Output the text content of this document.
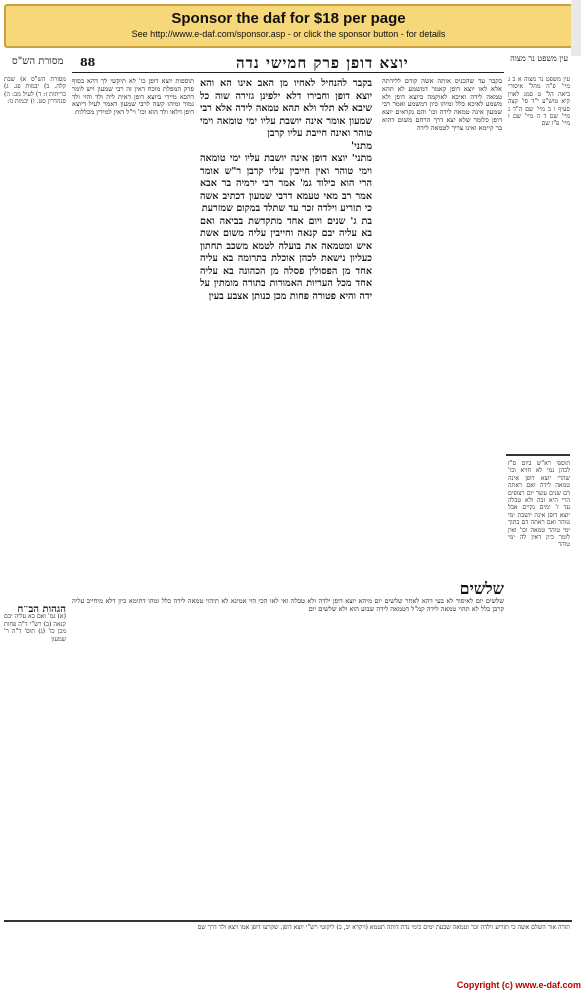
Sponsor the daf for $18 per page
See http://www.e-daf.com/sponsor.asp - or click the sponsor button - for details
מסורת הש"ס 88	יוצא דופן פרק חמישי נדה	עין משפט נר מצוה
עין משפט נר מצוה א ב ג מיי' פ"ה מהל' איסורי ביאה הל' ט סמג לאוין קיא טוש"ע י"ד סי' קצה סעיף ו ב מיי' שם ה"ד ג מיי' שם ד ה מיי' שם ו מיי' פ"ו שם
תוספי רא"ש ביום ס"ז לכהן נמי לא חזיא וכו' שהרי יוצא דופן אינה טמאה לידה ואם ראתה דם שנים עשר יום רצופים הרי היא זבה ולא טבלה עד ז' ימים נקיים אבל יוצא דופן אינה יושבת ימי טוהר ואם ראתה דם בתוך ימי טוהר טמאה וכו' ואין לומר כיון דאין לה ימי טוהר
בקבר עד שהכניס אותה אשה קודם ללידתה אלא לאו יוצא דופן קאמר דמשמע לא תהא טמאה לידה ואיכא לאוקמה ביוצא דופן ולא משמע לאיכא כלל ומיהו כיון דמשמע ואמר רבי שמעון אינה טמאה לידה וכו' והם נקראים יוצא דופן כלומר שלא יצא דרך הרחם משום דהוא בר קיימא ואינו צריך לטמאה לידה
בקבר להנחיל לאחיו מן האב אינו הא והא יוצא דופן וחבירו דלא ילפינן גזירה שוה כל שיבא לא תלד ולא תהא טמאה לידה אלא רבי שמעון אומר אינה יושבת עליו ימי טומאה וימי טוהר ואינה חייבת עליו קרבן
מתני'
מתני' יוצא דופן אינה יושבת עליו ימי טומאה וימי טוהר ואין חייבין עליו קרבן ר"ש אומר הרי הוא כילוד גמ' אמר רבי ירמיה בר אבא אמר רב מאי טעמא דרבי שמעון דכתיב אשה כי תזריע וילדה זכר עד שתלד במקום שמזרעת
בת ג' שנים ויום אחד מתקדשת בביאה ואם בא עליה יבם קנאה וחייבין עליה משום אשת איש ומטמאה את בועלה לטמא משכב תחתון כעליון נישאת לכהן אוכלת בתרומה בא עליה אחד מן הפסולין פסלה מן הכהונה בא עליה אחד מכל העריות האמורות בתורה מומתין על ידה והיא פטורה פחות מכן כנותן אצבע בעין
תוספות יוצא דופן כו' לא תיקשי לך דהא בסוף פרק המפלת מוכח דאין זה רבי שמעון ויש לומר דהכא מיירי ביוצא דופן דאית ליה ולד והוי ולד גמור ומיהו קשה לרבי שמעון דאמר לעיל דיוצא דופן דלאו ולד הוא וכו' וי"ל דאין למידין מכללות
מסורת הש"ס א) שבת קלה. ב) יבמות פג. ג) כריתות ז: ד) לעיל מב: ה) סנהדרין סט. ו) יבמות נז:
הגהות הב"ח
(א) גמ' ואם בא עליה יבם קנאה (ב) רש"י ד"ה פחות מכן כו' (ג) תוס' ד"ה ר' שמעון
שלשים
שלשים יום לאיסור לא בעי דהא לאחר שלשים יום מיהא יוצא דופן ילדה ולא טבלה ואי לאו הכי הוי אמינא לא תיהוי טמאה לידה כלל ומהו דתימא כיון דלא מיחייב עליה קרבן כלל לא תהוי טמאה לידה קמ"ל דטמאה לידה שבוע הוא ולא שלשים יום
תורה אור השלם אשה כי תזריע וילדה זכר וטמאה שבעת ימים כימי נדת דותה תטמא (ויקרא יב, ב) ליקוטי רש"י יוצא דופן. שקרעו דופן אמו ויצא ולד דרך שם
Copyright (c) www.e-daf.com
